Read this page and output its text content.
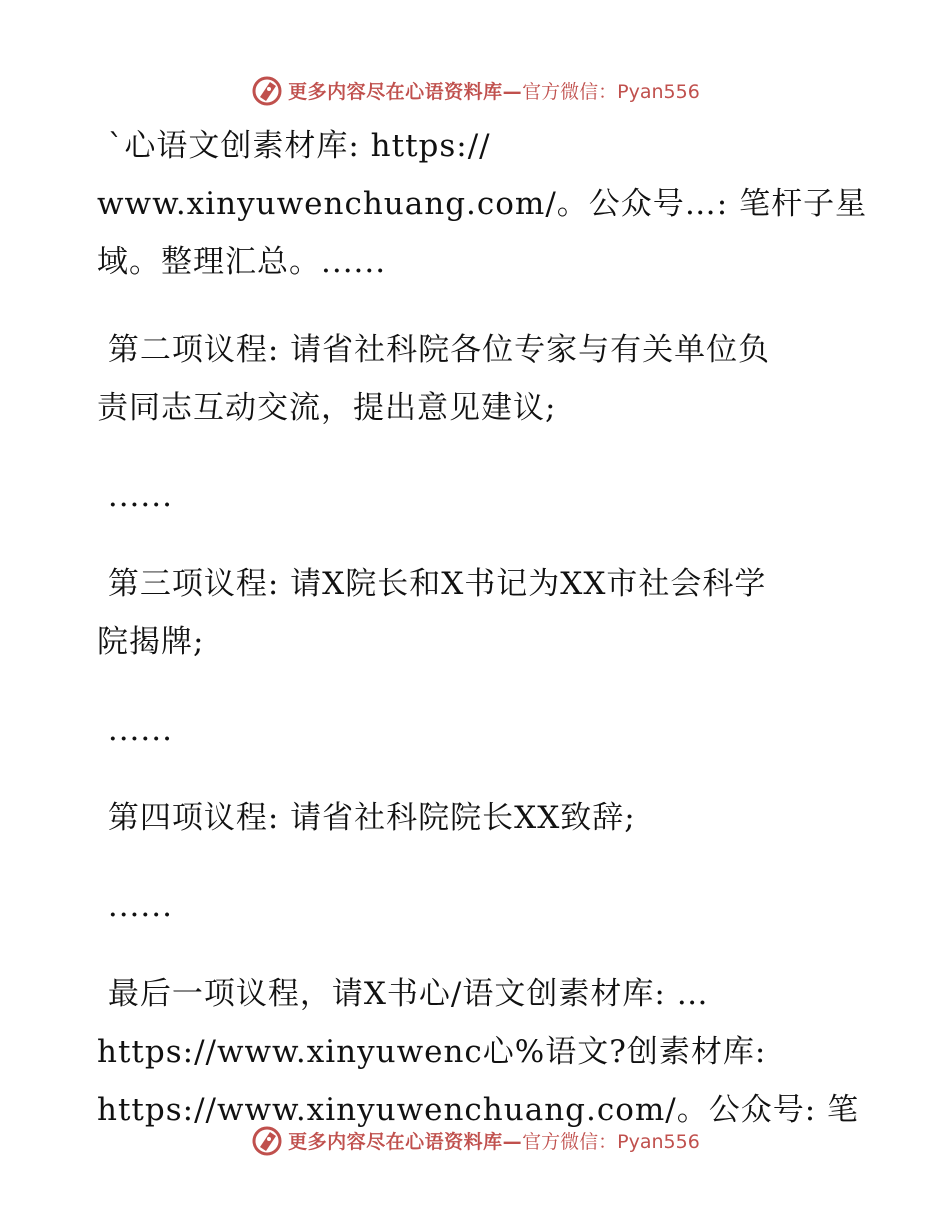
更多内容尽在心语资料库— 官方微信：Pyan556
`心语文创素材库: https://
www.xinyuwenchuang.com/。公众号…: 笔杆子星
域。整理汇总。......
第二项议程: 请省社科院各位专家与有关单位负
责同志互动交流，提出意见建议;
......
第三项议程: 请X院长和X书记为XX市社会科学
院揭牌;
......
第四项议程: 请省社科院院长XX致辞;
......
最后一项议程，请X书心/语文创素材库: …
https://www.xinyuwenc心%语文?创素材库:
https://www.xinyuwenchuang.com/。公众号: 笔
更多内容尽在心语资料库— 官方微信：Pyan556
